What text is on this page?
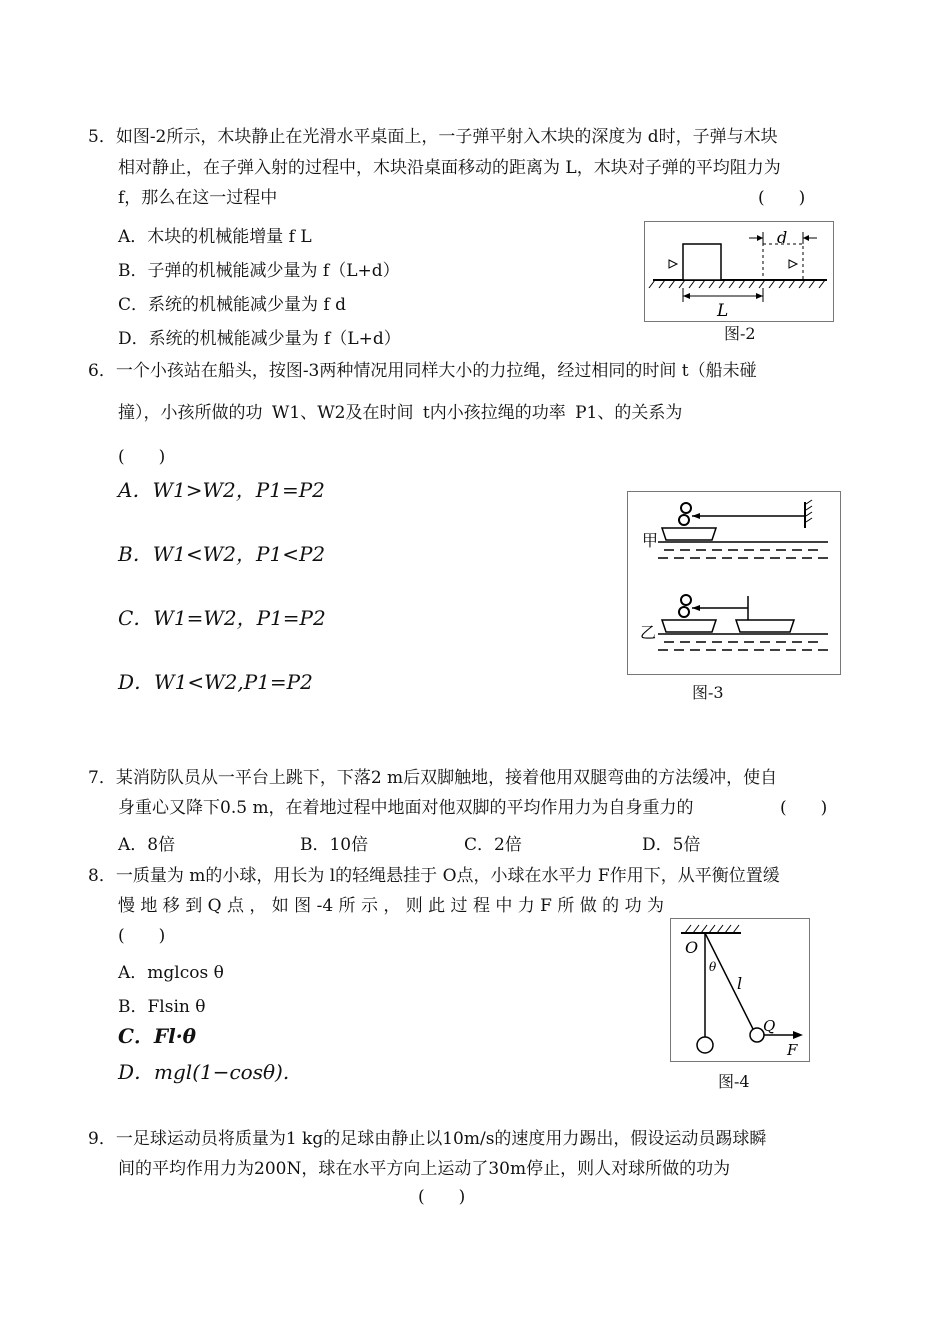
5．如图-2所示，木块静止在光滑水平桌面上，一子弹平射入木块的深度为 d时，子弹与木块
相对静止，在子弹入射的过程中，木块沿桌面移动的距离为 L，木块对子弹的平均阻力为
f，那么在这一过程中	(　　)
A．木块的机械能增量 f L
B．子弹的机械能减少量为 f（L+d）
C．系统的机械能减少量为 f d
D．系统的机械能减少量为 f（L+d）
d
L
图-2
6．一个小孩站在船头，按图-3两种情况用同样大小的力拉绳，经过相同的时间 t（船未碰
撞），小孩所做的功 W1、W2及在时间 t内小孩拉绳的功率 P1、的关系为
(　　)
A．W1>W2，P1=P2
B．W1<W2，P1<P2
C．W1=W2，P1=P2
D．W1<W2,P1=P2
甲
乙
图-3
7．某消防队员从一平台上跳下，下落2 m后双脚触地，接着他用双腿弯曲的方法缓冲，使自
身重心又降下0.5 m，在着地过程中地面对他双脚的平均作用力为自身重力的	(　　)
A．8倍	B．10倍	C．2倍	D．5倍
8．一质量为 m的小球，用长为 l的轻绳悬挂于 O点，小球在水平力 F作用下，从平衡位置缓
慢 地 移 到 Q 点 ， 如 图 -4 所 示 ， 则 此 过 程 中 力 F 所 做 的 功 为
(　　)
A．mglcos θ
B．Flsin θ
C．Fl·θ
D．mgl(1−cosθ).
O
θ
l
Q
F
图-4
9．一足球运动员将质量为1 kg的足球由静止以10m/s的速度用力踢出，假设运动员踢球瞬
间的平均作用力为200N，球在水平方向上运动了30m停止，则人对球所做的功为
(　　)
